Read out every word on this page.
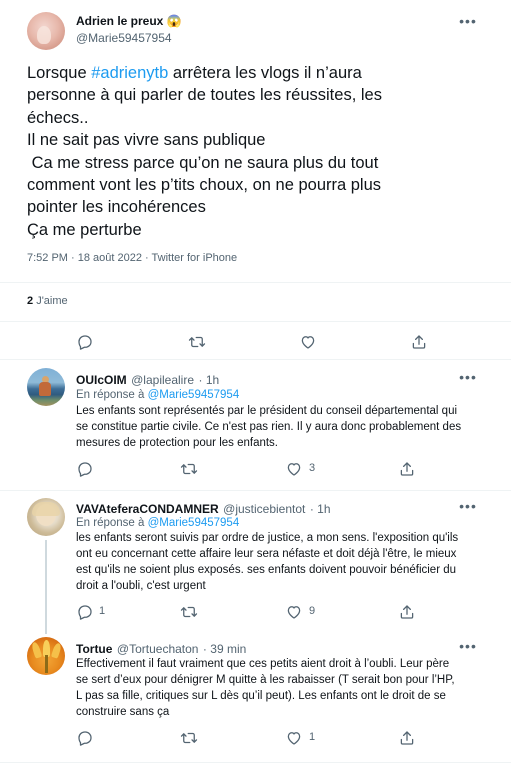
Adrien le preux 😱
@Marie59457954
•••
Lorsque #adrienytb arrêtera les vlogs il n’aura
personne à qui parler de toutes les réussites, les
échecs..
Il ne sait pas vivre sans publique
Ca me stress parce qu’on ne saura plus du tout
comment vont les p’tits choux, on ne pourra plus
pointer les incohérences
Ça me perturbe
7:52 PM · 18 août 2022 · Twitter for iPhone
2 J'aime
OUIcOIM @lapilealire · 1h	•••
En réponse à @Marie59457954
Les enfants sont représentés par le président du conseil départemental qui
se constitue partie civile. Ce n'est pas rien. Il y aura donc probablement des
mesures de protection pour les enfants.
3
VAVAteferaCONDAMNER @justicebientot · 1h	•••
En réponse à @Marie59457954
les enfants seront suivis par ordre de justice, a mon sens. l'exposition qu'ils
ont eu concernant cette affaire leur sera néfaste et doit déjà l'être, le mieux
est qu'ils ne soient plus exposés. ses enfants doivent pouvoir bénéficier du
droit a l'oubli, c'est urgent
1	9
Tortue @Tortuechaton · 39 min	•••
Effectivement il faut vraiment que ces petits aient droit à l’oubli. Leur père
se sert d’eux pour dénigrer M quitte à les rabaisser (T serait bon pour l’HP,
L pas sa fille, critiques sur L dès qu’il peut). Les enfants ont le droit de se
construire sans ça
1
